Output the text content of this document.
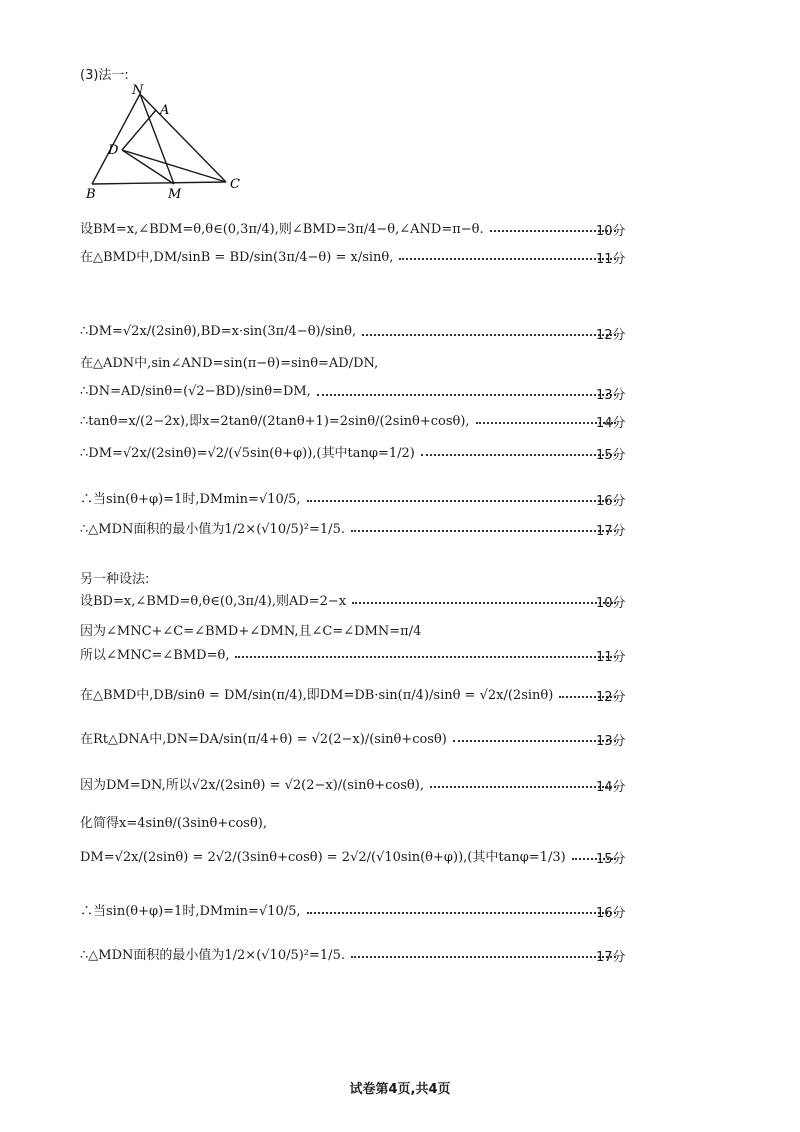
(3)法一:
N
A
D
B	M
C
设BM=x,∠BDM=θ,θ∈(0,3π/4),则∠BMD=3π/4−θ,∠AND=π−θ.	10分
在△BMD中,DM/sinB = BD/sin(3π/4−θ) = x/sinθ,	11分
∴DM=√2x/(2sinθ),BD=x·sin(3π/4−θ)/sinθ,	12分
在△ADN中,sin∠AND=sin(π−θ)=sinθ=AD/DN,
∴DN=AD/sinθ=(√2−BD)/sinθ=DM,	13分
∴tanθ=x/(2−2x),即x=2tanθ/(2tanθ+1)=2sinθ/(2sinθ+cosθ),	14分
∴DM=√2x/(2sinθ)=√2/(√5sin(θ+φ)),(其中tanφ=1/2)	15分
∴当sin(θ+φ)=1时,DMmin=√10/5,	16分
∴△MDN面积的最小值为1/2×(√10/5)²=1/5.	17分
另一种设法:
设BD=x,∠BMD=θ,θ∈(0,3π/4),则AD=2−x	10分
因为∠MNC+∠C=∠BMD+∠DMN,且∠C=∠DMN=π/4
所以∠MNC=∠BMD=θ,	11分
在△BMD中,DB/sinθ = DM/sin(π/4),即DM=DB·sin(π/4)/sinθ = √2x/(2sinθ)	12分
在Rt△DNA中,DN=DA/sin(π/4+θ) = √2(2−x)/(sinθ+cosθ)	13分
因为DM=DN,所以√2x/(2sinθ) = √2(2−x)/(sinθ+cosθ),	14分
化简得x=4sinθ/(3sinθ+cosθ),
DM=√2x/(2sinθ) = 2√2/(3sinθ+cosθ) = 2√2/(√10sin(θ+φ)),(其中tanφ=1/3) 15分
∴当sin(θ+φ)=1时,DMmin=√10/5,	16分
∴△MDN面积的最小值为1/2×(√10/5)²=1/5.	17分
试卷第4页,共4页
